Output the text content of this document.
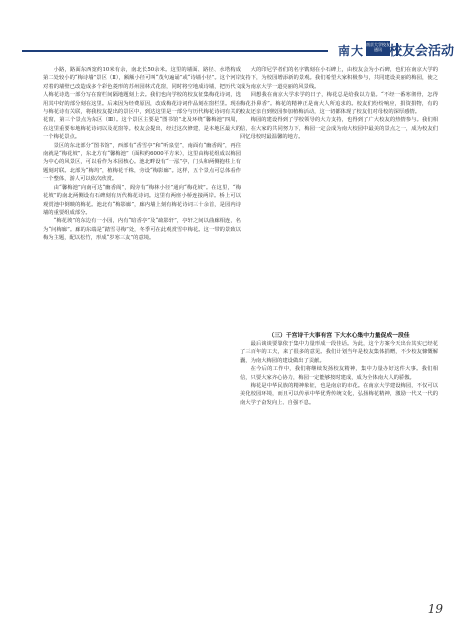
南大 南京大学校友通讯 校友会活动

小路，路面东西宽约10米有余，南北长50余米。这里的墙面、路径、水塔构成第二处较小的“梅诗墙”景区（Ⅱ），额额小径可叫“茂句遍诵”或“诗墙小径”。这个河岸对着的墙壁已改造成多个彩色菱形的苏州园林式花窗，同时将空地成诗墙，把历代文人梅花诗选一部分写在窗栏间隔地题刻上去。我们也向学校的校友征集梅花诗词，选用其中好的部分刻在这里。后来因为经费原因，改成梅花诗词作品刻在窗栏里。现在与梅花诗有关联，将我校友提出的景区中，到达这里是一部分与历代梅花诗词有关的花窗，第三个景点为东区（Ⅲ）。这个景区主要是“图书馆”北及环绕“馨梅池”四周，在这里重要布地梅花诗词以及花窗等。校友会提出，经过这次修建，是本地区最大的一个梅花景点。

景区的东北部分“图书馆”，西部有“香雪亭”和“听泉堂”，南面有“幽香阁”，再往南就是“梅花坡”，东北方有“馨梅池”（面积约6000平方米），这里由梅花组成以梅园为中心的风景区，可以看作为本园核心。池北畔设有“一泓”亭，门头和两侧抱柱上有题刻对联。北部为“梅坞”，植梅花千株，旁设“梅影廊”。这样，五个景点可总体看作一个整体，游人可以依次欣赏。

由“馨梅池”向南可达“幽香阁”，阁旁有“梅林小径”通向“梅花坡”。在这里，“梅花坡”的南北两侧设有石碑刻有历代梅花诗词。这里有两座小桥连接两岸。桥上可以观赏池中倒映的梅花。池北有“梅影廊”，廊内墙上刻有梅花诗词三十余首，是园内诗墙的重要组成部分。

“梅花坡”的东边有一小园，内有“暗香亭”及“疏影轩”，亭轩之间以曲廊相连，名为“问梅廊”。廊的东端是“踏雪寻梅”处，冬季可在此观赏雪中梅花。这一带的景致以梅为主题，配以松竹，形成“岁寒三友”的意境。

大的印尼学者们的名字镌刻在小石碑上，由校友会为小石碑，也们在南京大学的支持下，为校园增添新的景观。我们希望大家积极参与，共同建设美丽的梅园，使之成为南京大学一道亮丽的风景线。

回想我在南京大学求学的日子，梅花总是给我以力量。“不经一番寒彻骨，怎得梅花扑鼻香”。梅花的精神正是南大人所追求的。校友们纷纷响应，捐资捐物，有的校友还亲自到校园参加植梅活动，这一切都体现了校友们对母校的深厚感情。

梅园的建设得到了学校领导的大力支持，也得到了广大校友的热情参与。我们相信，在大家的共同努力下，梅园一定会成为南大校园中最美的景点之一，成为校友们回忆母校时最温馨的地方。

（三）千宫诗千大事有宫 下大水心集中力量促成一段佳

最后谈谈要靠依于集中力量形成一段佳话。为此，这个方案今天出台其实已经花了三百年的工夫，来了很多的意见。我们计划当年是校友集体捐赠，不少校友慷慨解囊，为南大梅园的建设做出了贡献。

在今后的工作中，我们将继续发扬校友精神，集中力量办好这件大事。我们相信，只要大家齐心协力，梅园一定能够按时建成，成为全体南大人的骄傲。

梅花是中华民族的精神象征，也是南京的市花。在南京大学建设梅园，不仅可以美化校园环境，而且可以传承中华优秀传统文化，弘扬梅花精神，激励一代又一代的南大学子奋发向上、自强不息。

19
